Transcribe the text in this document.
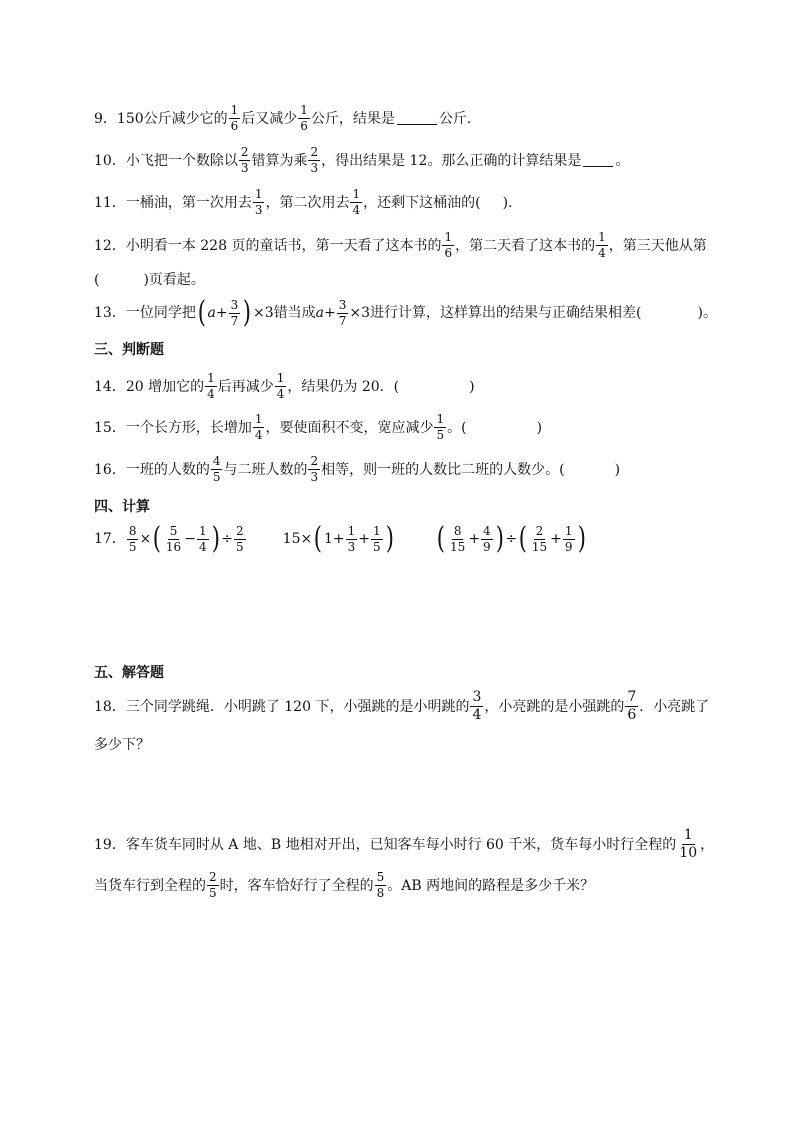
9． 150公斤减少它的 $\frac{1}{6}$ 后又减少 $\frac{1}{6}$ 公斤，结果是	公斤.
10． 小飞把一个数除以 $\frac{2}{3}$ 错算为乘 $\frac{2}{3}$ ，得出结果是 12。那么正确的计算结果是 。
11． 一桶油，第一次用去 $\frac{1}{3}$ ，第二次用去 $\frac{1}{4}$ ，还剩下这桶油的( ).
12． 小明看一本 228 页的童话书，第一天看了这本书的 $\frac{1}{6}$ ，第二天看了这本书的 $\frac{1}{4}$ ，第三天他从第
(	)页看起。
13． 一位同学把 ( $a + \frac{3}{7}$ ) ×3 错当成 $a + \frac{3}{7} \times 3$ 进行计算，这样算出的结果与正确结果相差(	)。
三、判断题
14． 20 增加它的 $\frac{1}{4}$ 后再减少 $\frac{1}{4}$ ，结果仍为 20．(	)
15． 一个长方形，长增加 $\frac{1}{4}$ ，要使面积不变，宽应减少 $\frac{1}{5}$ 。(	)
16． 一班的人数的 $\frac{4}{5}$ 与二班人数的 $\frac{2}{3}$ 相等，则一班的人数比二班的人数少。(	)
四、计算
17． $\frac{8}{5}$ × ( $\frac{5}{16} - \frac{1}{4}$ ) ÷ $\frac{2}{5}$	15× ( $1+ \frac{1}{3} + \frac{1}{5}$ ) ( $\frac{8}{15} + \frac{4}{9}$ ) ÷ ( $\frac{2}{15} + \frac{1}{9}$ )
五、解答题
18． 三个同学跳绳．小明跳了 120 下，小强跳的是小明跳的 $\frac{3}{4}$ ，小亮跳的是小强跳的 $\frac{7}{6}$ ．小亮跳了
多少下？
19． 客车货车同时从 A 地、B 地相对开出，已知客车每小时行 60 千米，货车每小时行全程的 $\frac{1}{10}$ ，
当货车行到全程的 $\frac{2}{5}$ 时，客车恰好行了全程的 $\frac{5}{8}$ 。AB 两地间的路程是多少千米？
